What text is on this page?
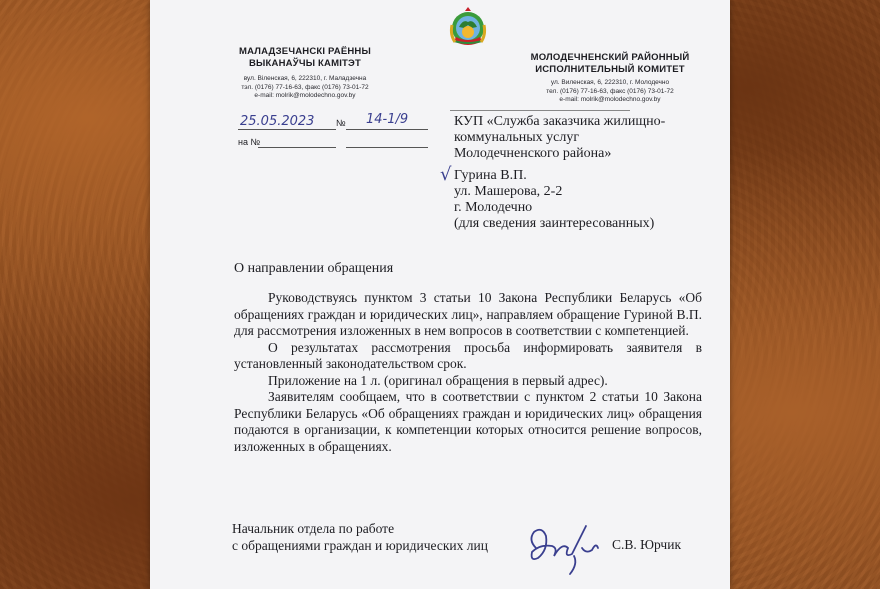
МАЛАДЗЕЧАНСКI РАЁННЫ
ВЫКАНАЎЧЫ КАМIТЭТ
вул. Віленская, 6, 222310, г. Маладзечна
тэл. (0176) 77-16-63, факс (0176) 73-01-72
e-mail: molrik@molodechno.gov.by
МОЛОДЕЧНЕНСКИЙ РАЙОННЫЙ
ИСПОЛНИТЕЛЬНЫЙ КОМИТЕТ
ул. Виленская, 6, 222310, г. Молодечно
тел. (0176) 77-16-63, факс (0176) 73-01-72
e-mail: molrik@molodechno.gov.by
25.05.2023	№ 14-1/9
на №
КУП «Служба заказчика жилищно-
коммунальных услуг
Молодечненского района»
√ Гурина В.П.
ул. Машерова, 2-2
г. Молодечно
(для сведения заинтересованных)
О направлении обращения
Руководствуясь пунктом 3 статьи 10 Закона Республики Беларусь «Об обращениях граждан и юридических лиц», направляем обращение Гуриной В.П. для рассмотрения изложенных в нем вопросов в соответствии с компетенцией.
О результатах рассмотрения просьба информировать заявителя в установленный законодательством срок.
Приложение на 1 л. (оригинал обращения в первый адрес).
Заявителям сообщаем, что в соответствии с пунктом 2 статьи 10 Закона Республики Беларусь «Об обращениях граждан и юридических лиц» обращения подаются в организации, к компетенции которых относится решение вопросов, изложенных в обращениях.
Начальник отдела по работе
с обращениями граждан и юридических лиц	С.В. Юрчик
